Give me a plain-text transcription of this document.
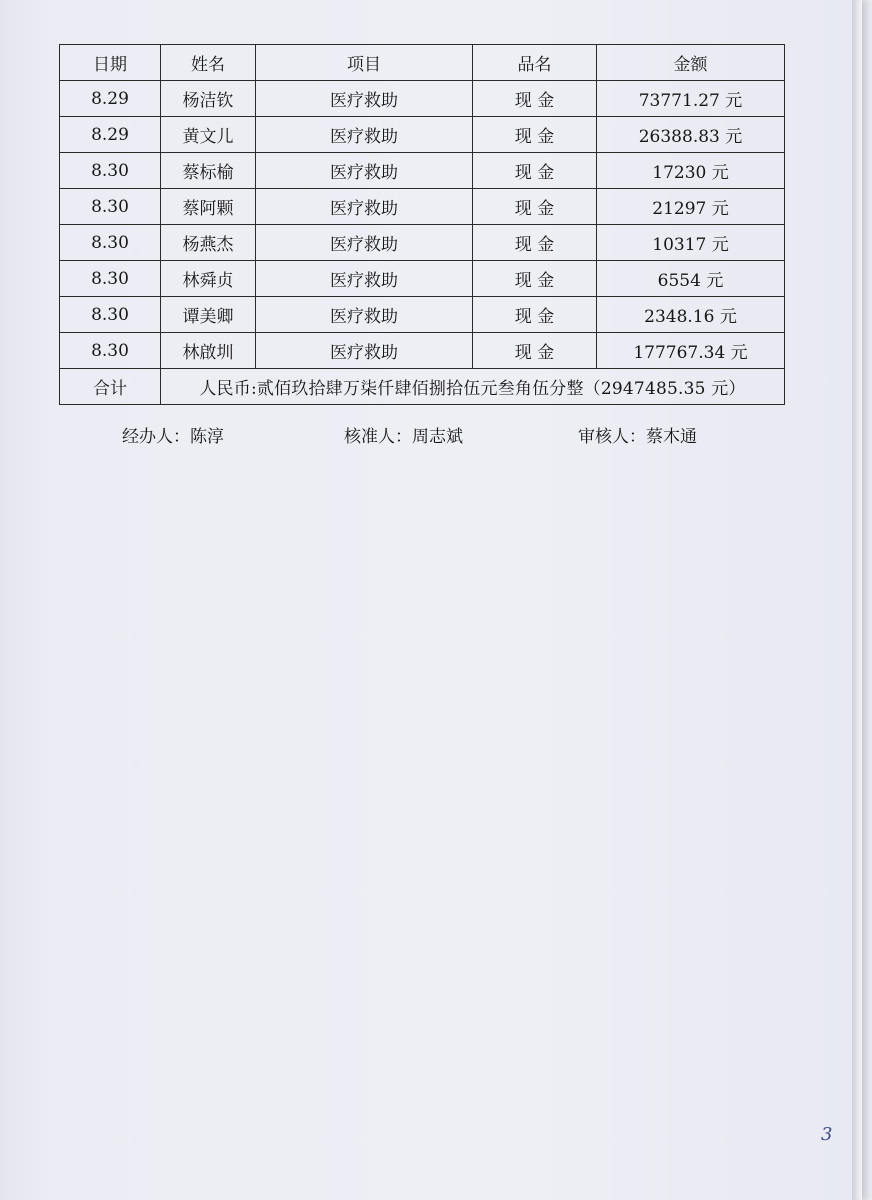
日期	姓名	项目	品名	金额
8.29	杨洁钦	医疗救助	现 金	73771.27 元
8.29	黄文儿	医疗救助	现 金	26388.83 元
8.30	蔡标榆	医疗救助	现 金	17230 元
8.30	蔡阿颗	医疗救助	现 金	21297 元
8.30	杨燕杰	医疗救助	现 金	10317 元
8.30	林舜贞	医疗救助	现 金	6554 元
8.30	谭美卿	医疗救助	现 金	2348.16 元
8.30	林啟圳	医疗救助	现 金	177767.34 元
合计	人民币:贰佰玖拾肆万柒仟肆佰捌拾伍元叁角伍分整（2947485.35 元）			
经办人：陈淳	核准人：周志斌	审核人：蔡木通
3
